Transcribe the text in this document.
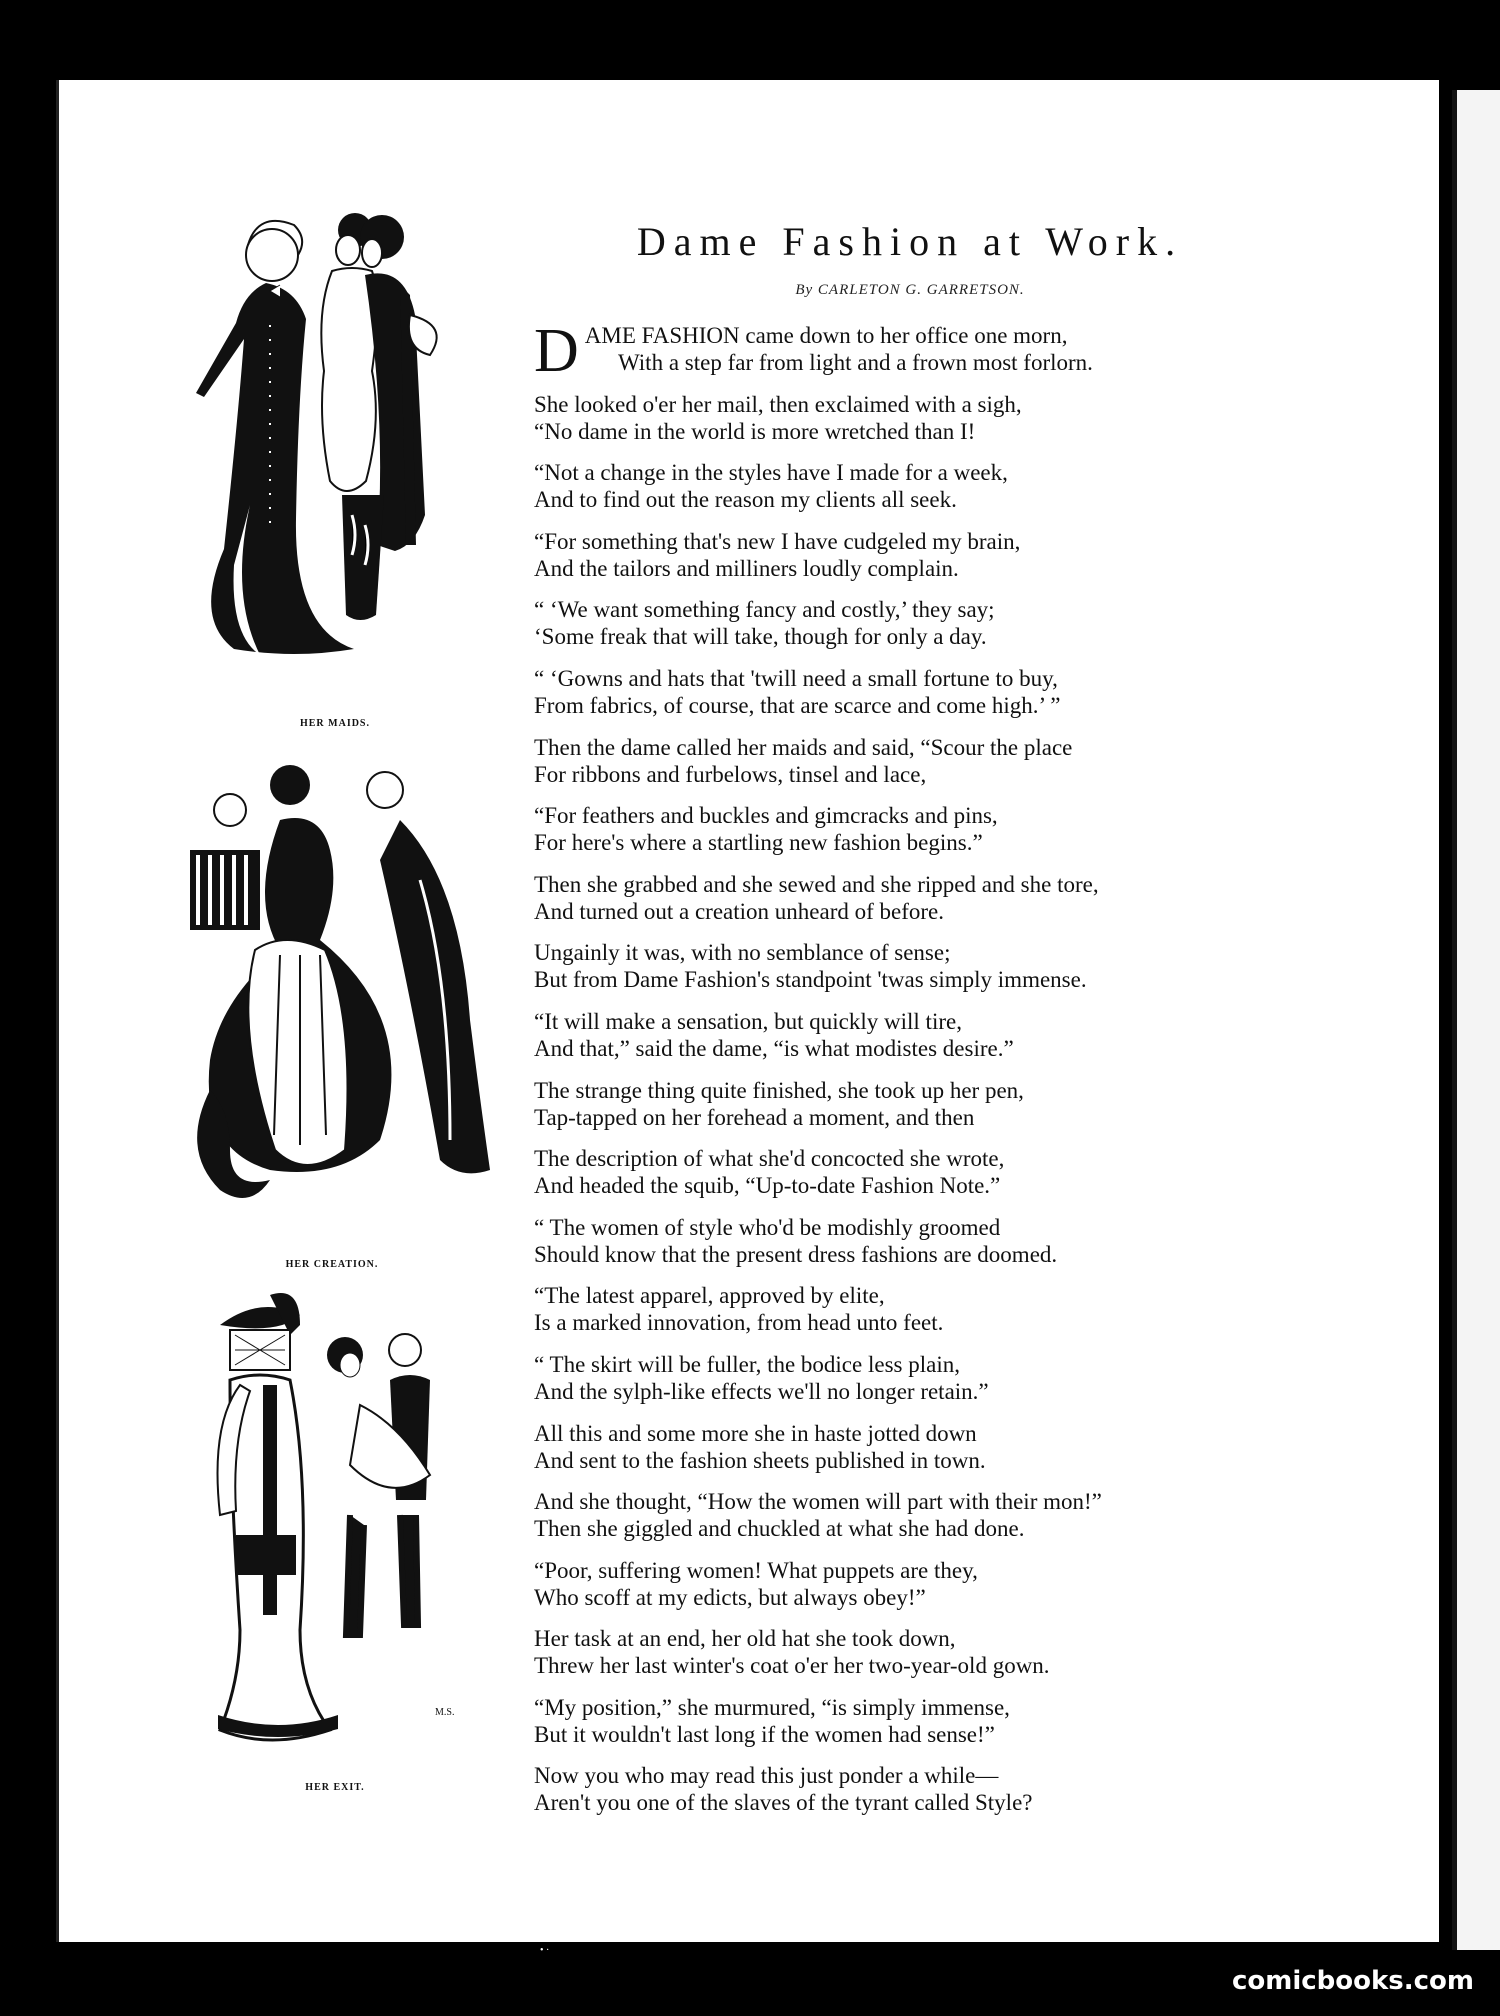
• ·
Dame Fashion at Work.
By CARLETON G. GARRETSON.
D AME FASHION came down to her office one morn,
With a step far from light and a frown most forlorn.
She looked o'er her mail, then exclaimed with a sigh,
“No dame in the world is more wretched than I!
“Not a change in the styles have I made for a week,
And to find out the reason my clients all seek.
“For something that's new I have cudgeled my brain,
And the tailors and milliners loudly complain.
“ ‘We want something fancy and costly,’ they say;
‘Some freak that will take, though for only a day.
“ ‘Gowns and hats that 'twill need a small fortune to buy,
From fabrics, of course, that are scarce and come high.’ ”
Then the dame called her maids and said, “Scour the place
For ribbons and furbelows, tinsel and lace,
“For feathers and buckles and gimcracks and pins,
For here's where a startling new fashion begins.”
Then she grabbed and she sewed and she ripped and she tore,
And turned out a creation unheard of before.
Ungainly it was, with no semblance of sense;
But from Dame Fashion's standpoint 'twas simply immense.
“It will make a sensation, but quickly will tire,
And that,” said the dame, “is what modistes desire.”
The strange thing quite finished, she took up her pen,
Tap-tapped on her forehead a moment, and then
The description of what she'd concocted she wrote,
And headed the squib, “Up-to-date Fashion Note.”
“ The women of style who'd be modishly groomed
Should know that the present dress fashions are doomed.
“The latest apparel, approved by elite,
Is a marked innovation, from head unto feet.
“ The skirt will be fuller, the bodice less plain,
And the sylph-like effects we'll no longer retain.”
All this and some more she in haste jotted down
And sent to the fashion sheets published in town.
And she thought, “How the women will part with their mon!”
Then she giggled and chuckled at what she had done.
“Poor, suffering women! What puppets are they,
Who scoff at my edicts, but always obey!”
Her task at an end, her old hat she took down,
Threw her last winter's coat o'er her two-year-old gown.
“My position,” she murmured, “is simply immense,
But it wouldn't last long if the women had sense!”
Now you who may read this just ponder a while—
Aren't you one of the slaves of the tyrant called Style?
HER MAIDS.
HER CREATION.
M.S.
HER EXIT.
comicbooks.com
